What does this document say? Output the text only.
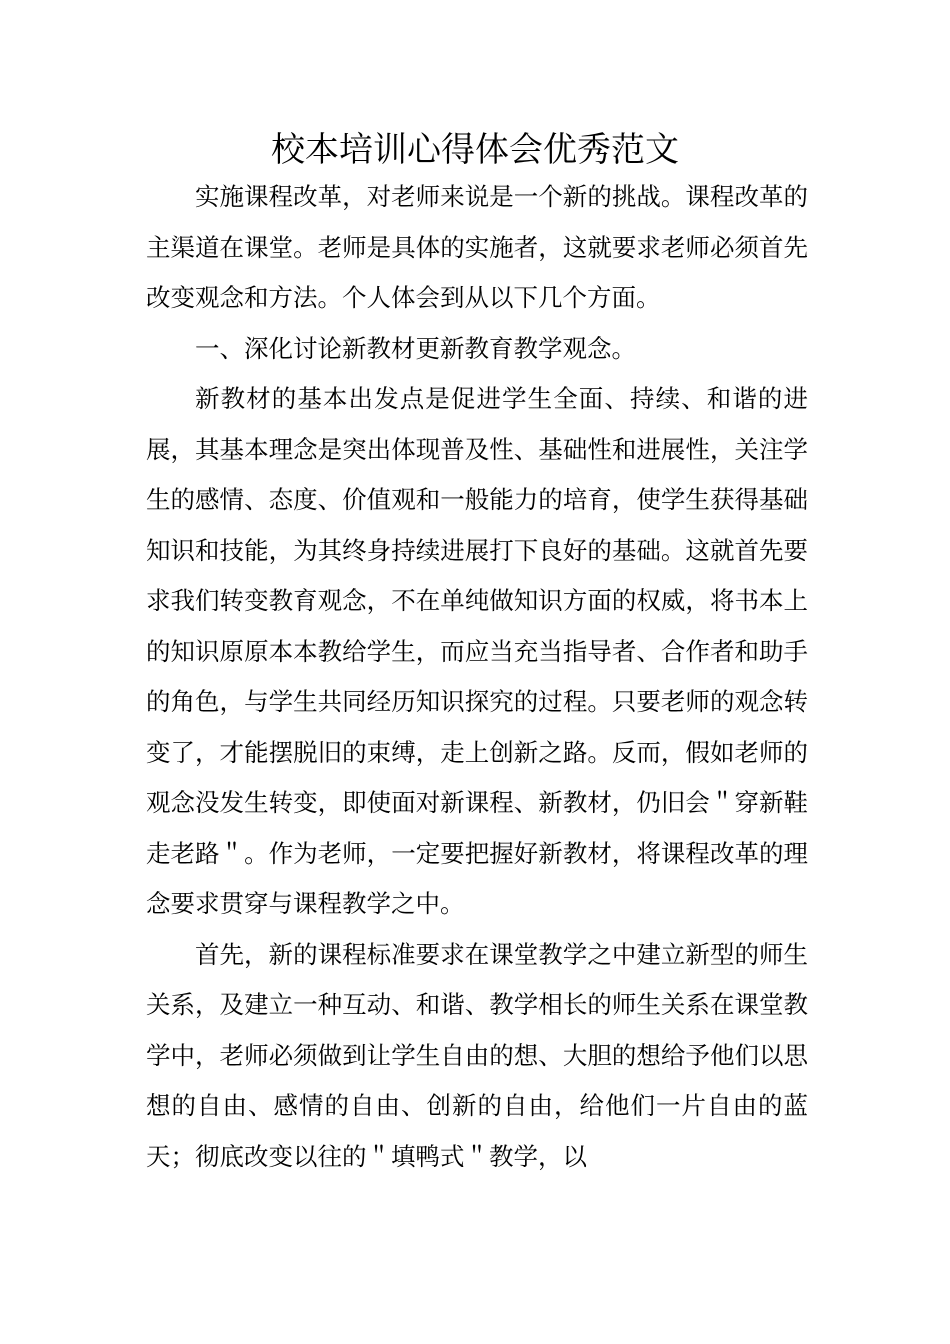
校本培训心得体会优秀范文

实施课程改革，对老师来说是一个新的挑战。课程改革的主渠道在课堂。老师是具体的实施者，这就要求老师必须首先改变观念和方法。个人体会到从以下几个方面。

一、深化讨论新教材更新教育教学观念。

新教材的基本出发点是促进学生全面、持续、和谐的进展，其基本理念是突出体现普及性、基础性和进展性，关注学生的感情、态度、价值观和一般能力的培育，使学生获得基础知识和技能，为其终身持续进展打下良好的基础。这就首先要求我们转变教育观念，不在单纯做知识方面的权威，将书本上的知识原原本本教给学生，而应当充当指导者、合作者和助手的角色，与学生共同经历知识探究的过程。只要老师的观念转变了，才能摆脱旧的束缚，走上创新之路。反而，假如老师的观念没发生转变，即使面对新课程、新教材，仍旧会＂穿新鞋走老路＂。作为老师，一定要把握好新教材，将课程改革的理念要求贯穿与课程教学之中。

首先，新的课程标准要求在课堂教学之中建立新型的师生关系，及建立一种互动、和谐、教学相长的师生关系在课堂教学中，老师必须做到让学生自由的想、大胆的想给予他们以思想的自由、感情的自由、创新的自由，给他们一片自由的蓝天；彻底改变以往的＂填鸭式＂教学，以
